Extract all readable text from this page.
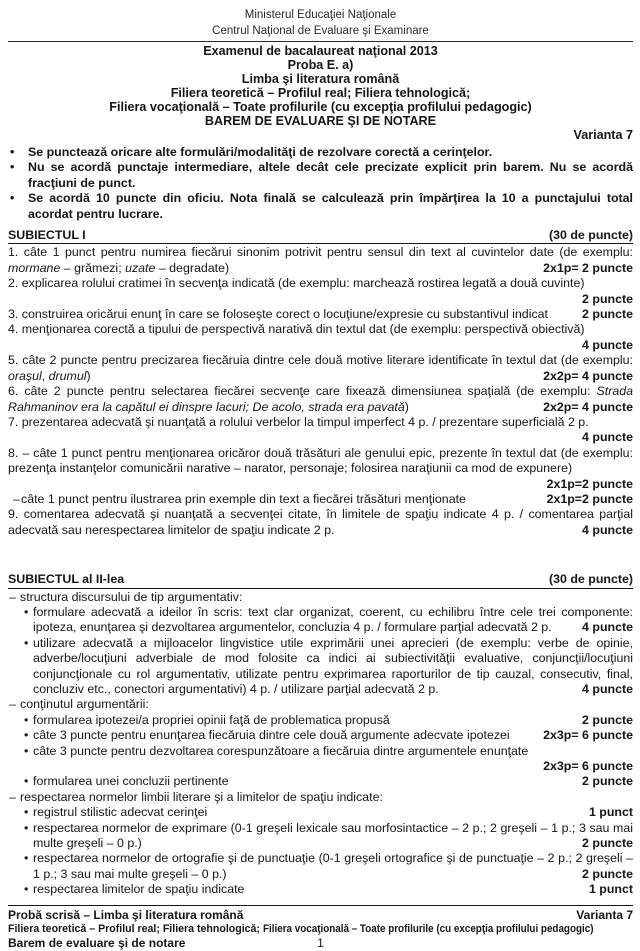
Ministerul Educaţiei Naţionale
Centrul Naţional de Evaluare şi Examinare
Examenul de bacalaureat naţional 2013
Proba E. a)
Limba şi literatura română
Filiera teoretică – Profilul real; Filiera tehnologică;
Filiera vocaţională – Toate profilurile (cu excepţia profilului pedagogic)
BAREM DE EVALUARE ŞI DE NOTARE
Varianta 7
• Se punctează oricare alte formulări/modalităţi de rezolvare corectă a cerinţelor.
• Nu se acordă punctaje intermediare, altele decât cele precizate explicit prin barem. Nu se acordă fracţiuni de punct.
• Se acordă 10 puncte din oficiu. Nota finală se calculează prin împărţirea la 10 a punctajului total acordat pentru lucrare.
SUBIECTUL I	(30 de puncte)
1. câte 1 punct pentru numirea fiecărui sinonim potrivit pentru sensul din text al cuvintelor date (de exemplu: mormane – grămezi; uzate – degradate)	2x1p= 2 puncte
2. explicarea rolului cratimei în secvenţa indicată (de exemplu: marchează rostirea legată a două cuvinte)
2 puncte
3. construirea oricărui enunţ în care se foloseşte corect o locuţiune/expresie cu substantivul indicat	2 puncte
4. menţionarea corectă a tipului de perspectivă narativă din textul dat (de exemplu: perspectivă obiectivă)
4 puncte
5. câte 2 puncte pentru precizarea fiecăruia dintre cele două motive literare identificate în textul dat (de exemplu: oraşul, drumul)	2x2p= 4 puncte
6. câte 2 puncte pentru selectarea fiecărei secvenţe care fixează dimensiunea spaţială (de exemplu: Strada Rahmaninov era la capătul ei dinspre lacuri; De acolo, strada era pavată)	2x2p= 4 puncte
7. prezentarea adecvată şi nuanţată a rolului verbelor la timpul imperfect 4 p. / prezentare superficială 2 p.
4 puncte
8. – câte 1 punct pentru menţionarea oricăror două trăsături ale genului epic, prezente în textul dat (de exemplu: prezenţa instanţelor comunicării narative – narator, personaje; folosirea naraţiunii ca mod de expunere)
2x1p=2 puncte
– câte 1 punct pentru ilustrarea prin exemple din text a fiecărei trăsături menţionate	2x1p=2 puncte
9. comentarea adecvată şi nuanţată a secvenţei citate, în limitele de spaţiu indicate 4 p. / comentarea parţial adecvată sau nerespectarea limitelor de spaţiu indicate 2 p.	4 puncte
SUBIECTUL al II-lea	(30 de puncte)
– structura discursului de tip argumentativ:
• formulare adecvată a ideilor în scris: text clar organizat, coerent, cu echilibru între cele trei componente: ipoteza, enunţarea şi dezvoltarea argumentelor, concluzia 4 p. / formulare parţial adecvată 2 p.	4 puncte
• utilizare adecvată a mijloacelor lingvistice utile exprimării unei aprecieri (de exemplu: verbe de opinie, adverbe/locuţiuni adverbiale de mod folosite ca indici ai subiectivităţii evaluative, conjuncţii/locuţiuni conjuncţionale cu rol argumentativ, utilizate pentru exprimarea raporturilor de tip cauzal, consecutiv, final, concluziv etc., conectori argumentativi) 4 p. / utilizare parţial adecvată 2 p.	4 puncte
– conţinutul argumentării:
• formularea ipotezei/a propriei opinii faţă de problematica propusă	2 puncte
• câte 3 puncte pentru enunţarea fiecăruia dintre cele două argumente adecvate ipotezei	2x3p= 6 puncte
• câte 3 puncte pentru dezvoltarea corespunzătoare a fiecăruia dintre argumentele enunţate
2x3p= 6 puncte
• formularea unei concluzii pertinente	2 puncte
– respectarea normelor limbii literare şi a limitelor de spaţiu indicate:
• registrul stilistic adecvat cerinţei	1 punct
• respectarea normelor de exprimare (0-1 greşeli lexicale sau morfosintactice – 2 p.; 2 greşeli – 1 p.; 3 sau mai multe greşeli – 0 p.)	2 puncte
• respectarea normelor de ortografie şi de punctuaţie (0-1 greşeli ortografice şi de punctuaţie – 2 p.; 2 greşeli – 1 p.; 3 sau mai multe greşeli – 0 p.)	2 puncte
• respectarea limitelor de spaţiu indicate	1 punct
Probă scrisă – Limba şi literatura română	Varianta 7
Filiera teoretică – Profilul real; Filiera tehnologică; Filiera vocaţională – Toate profilurile (cu excepţia profilului pedagogic)
Barem de evaluare şi de notare	1
